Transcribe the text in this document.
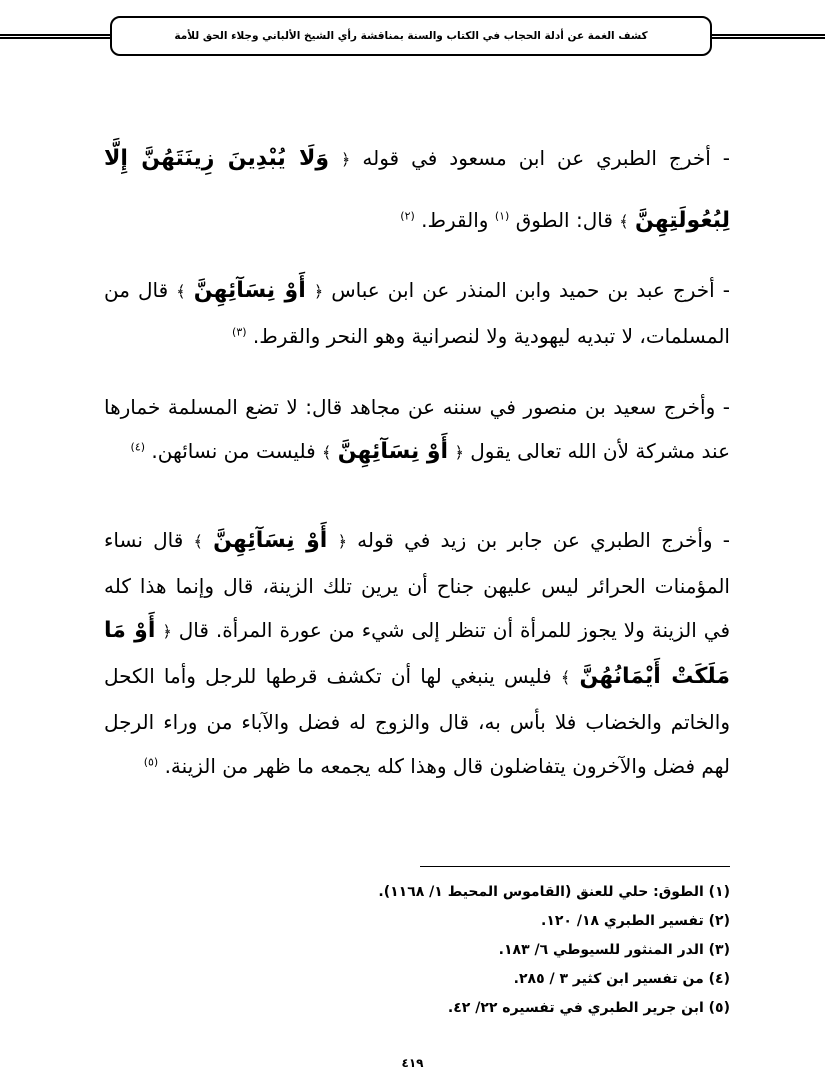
كشف الغمة عن أدلة الحجاب في الكتاب والسنة بمناقشة رأي الشيخ الألباني وجلاء الحق للأمة

- أخرج الطبري عن ابن مسعود في قوله ﴿ وَلَا يُبْدِينَ زِينَتَهُنَّ إِلَّا لِبُعُولَتِهِنَّ ﴾ قال: الطوق $^{(١)}$ والقرط. $^{(٢)}$

- أخرج عبد بن حميد وابن المنذر عن ابن عباس ﴿ أَوْ نِسَآئِهِنَّ ﴾ قال من المسلمات، لا تبديه ليهودية ولا لنصرانية وهو النحر والقرط. $^{(٣)}$

- وأخرج سعيد بن منصور في سننه عن مجاهد قال: لا تضع المسلمة خمارها عند مشركة لأن الله تعالى يقول ﴿ أَوْ نِسَآئِهِنَّ ﴾ فليست من نسائهن. $^{(٤)}$

- وأخرج الطبري عن جابر بن زيد في قوله ﴿ أَوْ نِسَآئِهِنَّ ﴾ قال نساء المؤمنات الحرائر ليس عليهن جناح أن يرين تلك الزينة، قال وإنما هذا كله في الزينة ولا يجوز للمرأة أن تنظر إلى شيء من عورة المرأة. قال ﴿ أَوْ مَا مَلَكَتْ أَيْمَانُهُنَّ ﴾ فليس ينبغي لها أن تكشف قرطها للرجل وأما الكحل والخاتم والخضاب فلا بأس به، قال والزوج له فضل والآباء من وراء الرجل لهم فضل والآخرون يتفاضلون قال وهذا كله يجمعه ما ظهر من الزينة. $^{(٥)}$

(١) الطوق: حلي للعنق (القاموس المحيط ١/ ١١٦٨).
(٢) تفسير الطبري ١٨/ ١٢٠.
(٣) الدر المنثور للسيوطي ٦/ ١٨٣.
(٤) من تفسير ابن كثير ٣ / ٢٨٥.
(٥) ابن جرير الطبري في تفسيره ٢٢/ ٤٢.
٤١٩
